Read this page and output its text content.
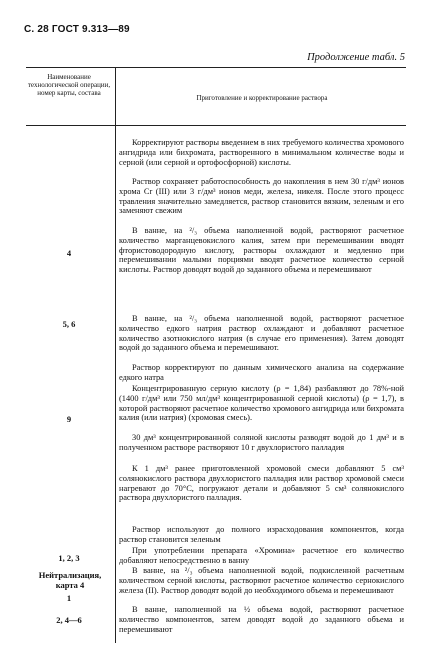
С. 28 ГОСТ 9.313—89
Продолжение табл. 5
Наименование технологической операции, номер карты, состава
Приготовление и корректирование раствора
4
5, 6
9
1, 2, 3
Нейтрализация, карта 4
1
2, 4—6
Корректируют растворы введением в них требуемого количества хромового ангидрида или бихромата, растворенного в минимальном количестве воды и серной (или серной и ортофосфорной) кислоты.
Раствор сохраняет работоспособность до накопления в нем 30 г/дм³ ионов хрома Cr (III) или 3 г/дм³ ионов меди, железа, никеля. После этого процесс травления значительно замедляется, раствор становится вязким, зеленым и его заменяют свежим
В ванне, на ²/₃ объема наполненной водой, растворяют расчетное количество марганцевокислого калия, затем при перемешивании вводят фтористоводородную кислоту, растворы охлаждают и медленно при перемешивании малыми порциями вводят расчетное количество серной кислоты. Раствор доводят водой до заданного объема и перемешивают
В ванне, на ²/₃ объема наполненной водой, растворяют расчетное количество едкого натрия раствор охлаждают и добавляют расчетное количество азотнокислого натрия (в случае его применения). Затем доводят водой до заданного объема и перемешивают.
Раствор корректируют по данным химического анализа на содержание едкого натра
Концентрированную серную кислоту (ρ = 1,84) разбавляют до 78%-ной (1400 г/дм³ или 750 мл/дм³ концентрированной серной кислоты) (ρ = 1,7), в которой растворяют расчетное количество хромового ангидрида или бихромата калия (или натрия) (хромовая смесь).
30 дм³ концентрированной соляной кислоты разводят водой до 1 дм³ и в полученном растворе растворяют 10 г двухлористого палладия
К 1 дм³ ранее приготовленной хромовой смеси добавляют 5 см³ солянокислого раствора двухлористого палладия или раствор хромовой смеси нагревают до 70°С, погружают детали и добавляют 5 см³ солянокислого раствора двухлористого палладия.
Раствор используют до полного израсходования компонентов, когда раствор становится зеленым
При употреблении препарата «Хромина» расчетное его количество добавляют непосредственно в ванну
В ванне, на ²/₃ объема наполненной водой, подкисленной расчетным количеством серной кислоты, растворяют расчетное количество сернокислого железа (II). Раствор доводят водой до необходимого объема и перемешивают
В ванне, наполненной на ½ объема водой, растворяют расчетное количество компонентов, затем доводят водой до заданного объема и перемешивают
